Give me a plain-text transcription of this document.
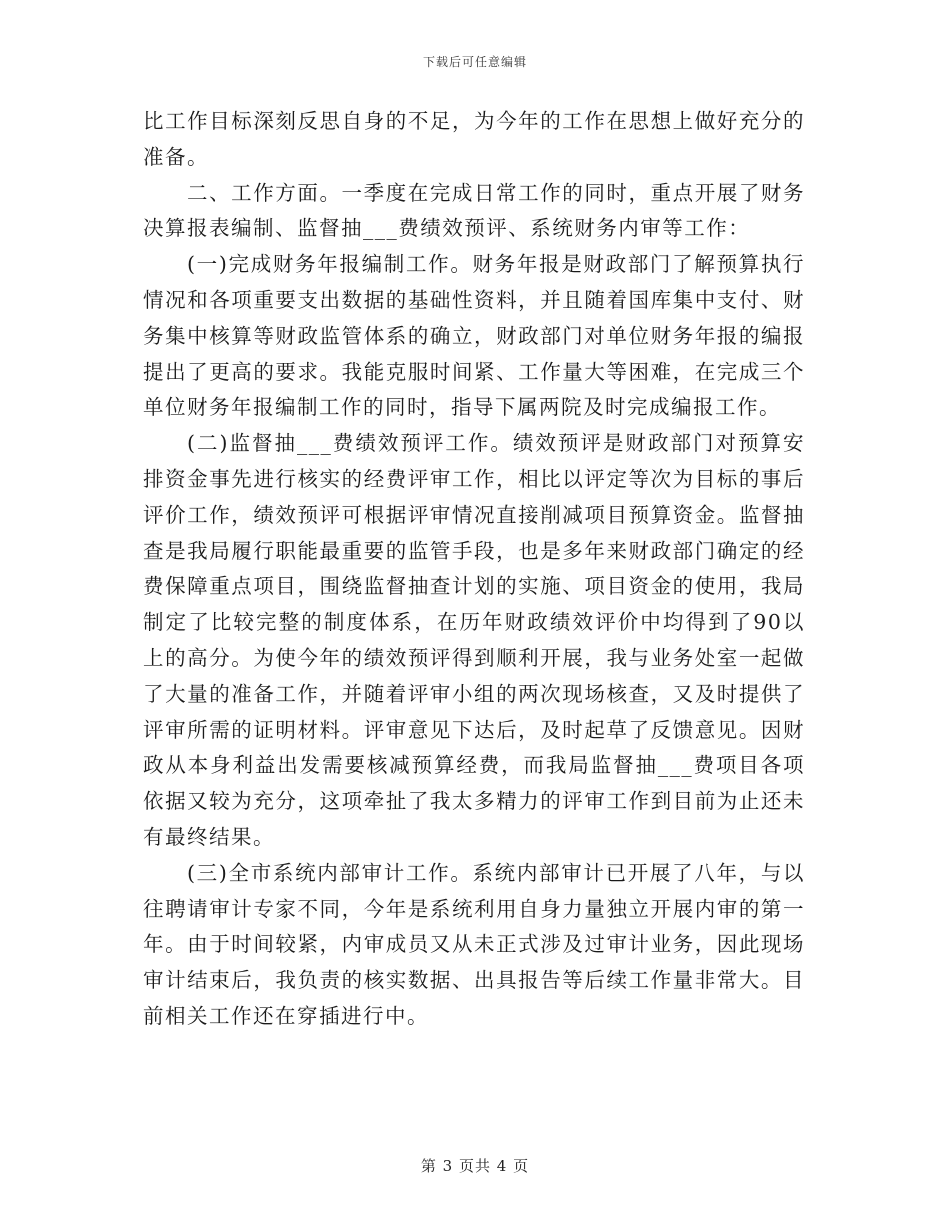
下载后可任意编辑

比工作目标深刻反思自身的不足，为今年的工作在思想上做好充分的准备。

二、工作方面。一季度在完成日常工作的同时，重点开展了财务决算报表编制、监督抽___费绩效预评、系统财务内审等工作：

(一)完成财务年报编制工作。财务年报是财政部门了解预算执行情况和各项重要支出数据的基础性资料，并且随着国库集中支付、财务集中核算等财政监管体系的确立，财政部门对单位财务年报的编报提出了更高的要求。我能克服时间紧、工作量大等困难，在完成三个单位财务年报编制工作的同时，指导下属两院及时完成编报工作。

(二)监督抽___费绩效预评工作。绩效预评是财政部门对预算安排资金事先进行核实的经费评审工作，相比以评定等次为目标的事后评价工作，绩效预评可根据评审情况直接削减项目预算资金。监督抽查是我局履行职能最重要的监管手段，也是多年来财政部门确定的经费保障重点项目，围绕监督抽查计划的实施、项目资金的使用，我局制定了比较完整的制度体系，在历年财政绩效评价中均得到了90以上的高分。为使今年的绩效预评得到顺利开展，我与业务处室一起做了大量的准备工作，并随着评审小组的两次现场核查，又及时提供了评审所需的证明材料。评审意见下达后，及时起草了反馈意见。因财政从本身利益出发需要核减预算经费，而我局监督抽___费项目各项依据又较为充分，这项牵扯了我太多精力的评审工作到目前为止还未有最终结果。

(三)全市系统内部审计工作。系统内部审计已开展了八年，与以往聘请审计专家不同，今年是系统利用自身力量独立开展内审的第一年。由于时间较紧，内审成员又从未正式涉及过审计业务，因此现场审计结束后，我负责的核实数据、出具报告等后续工作量非常大。目前相关工作还在穿插进行中。

第 3 页共 4 页
